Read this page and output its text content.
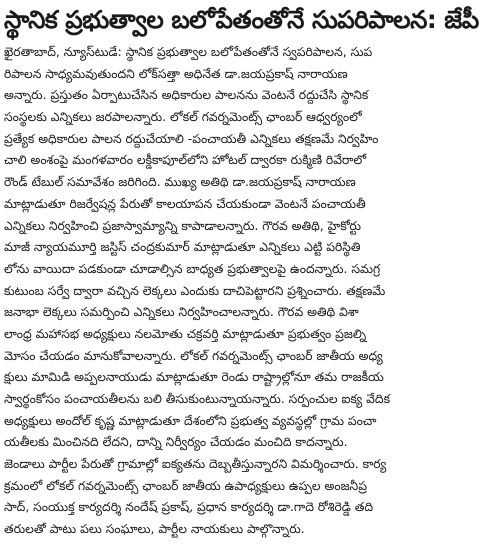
స్థానిక ప్రభుత్వాల బలోపేతంతోనే సుపరిపాలన: జేపీ
ఖైరతాబాద్, న్యూస్‌టుడే: స్థానిక ప్రభుత్వాల బలోపేతంతోనే స్వపరిపాలన, సుప
రిపాలన సాధ్యమవుతుందని లోక్‌సత్తా అధినేత డా.జయప్రకాష్ నారాయణ
అన్నారు. ప్రస్తుతం ఏర్పాటుచేసిన అధికారుల పాలనను వెంటనే రద్దుచేసి స్థానిక
సంస్థలకు ఎన్నికలు జరపాలన్నారు. లోకల్ గవర్నమెంట్స్ ఛాంబర్ ఆధ్వర్యంలో
ప్రత్యేక అధికారుల పాలన రద్దుచేయాలి -పంచాయతీ ఎన్నికలు తక్షణమే నిర్వహిం
చాలి అంశంపై మంగళవారం లక్డీకాపూల్‌లోని హోటల్ ద్వారకా రుక్మిణి రివేరాలో
రౌండ్ టేబుల్ సమావేశం జరిగింది. ముఖ్య అతిథి డా.జయప్రకాష్ నారాయణ
మాట్లాడుతూ రిజర్వేషన్ల పేరుతో కాలయాపన చేయకుండా వెంటనే పంచాయతీ
ఎన్నికలు నిర్వహించి ప్రజాస్వామ్యాన్ని కాపాడాలన్నారు. గౌరవ అతిథి, హైకోర్టు
మాజీ న్యాయమూర్తి జస్టిస్ చంద్రకుమార్ మాట్లాడుతూ ఎన్నికలు ఎట్టి పరిస్థితి
లోను వాయిదా పడకుండా చూడాల్సిన బాధ్యత ప్రభుత్వాలపై ఉందన్నారు. సమగ్ర
కుటుంబ సర్వే ద్వారా వచ్చిన లెక్కలు ఎందుకు దాచిపెట్టారని ప్రశ్నించారు. తక్షణమే
జనాభా లెక్కలు సమర్పించి ఎన్నికలు నిర్వహించాలన్నారు. గౌరవ అతిథి విశా
లాంధ్ర మహాసభ అధ్యక్షులు నలమోతు చక్రవర్తి మాట్లాడుతూ ప్రభుత్వం ప్రజల్ని
మోసం చేయడం మానుకోవాలన్నారు. లోకల్ గవర్నమెంట్స్ ఛాంబర్ జాతీయ అధ్య
క్షులు మామిడి అప్పలనాయుడు మాట్లాడుతూ రెండు రాష్ట్రాల్లోనూ తమ రాజకీయ
స్వార్థంకోసం పంచాయతీలను బలి తీసుకుంటున్నాయన్నారు. సర్పంచుల ఐక్య వేదిక
అధ్యక్షులు అందోల్ కృష్ణ మాట్లాడుతూ దేశంలోని ప్రభుత్వ వ్యవస్థల్లో గ్రామ పంచా
యతీలకు మించినది లేదని, దాన్ని నిర్వీర్యం చేయడం మంచిది కాదన్నారు.
జెండాలు పార్టీల పేరుతో గ్రామాల్లో ఐక్యతను దెబ్బతీస్తున్నారని విమర్శించారు. కార్య
క్రమంలో లోకల్ గవర్నమెంట్స్ ఛాంబర్ జాతీయ ఉపాధ్యక్షులు ఉప్పల అంజనీప్ర
సాద్, సంయుక్త కార్యదర్శి నందేష్ ప్రకాష్, ప్రధాన కార్యదర్శి డా.గాదె రోశిరెడ్డి తది
తరులతో పాటు పలు సంఘాలు, పార్టీల నాయకులు పాల్గొన్నారు.
